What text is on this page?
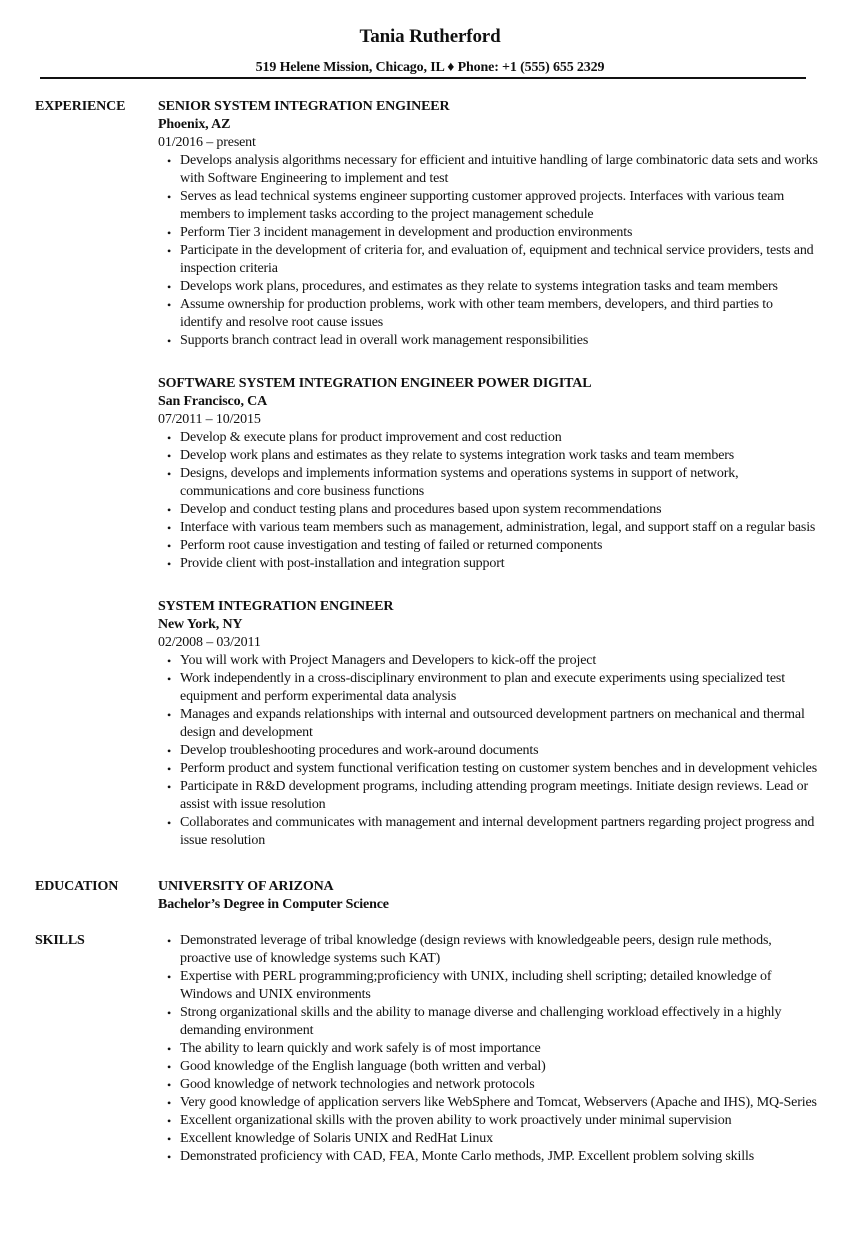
Tania Rutherford
519 Helene Mission, Chicago, IL ♦ Phone: +1 (555) 655 2329
EXPERIENCE	SENIOR SYSTEM INTEGRATION ENGINEER
Phoenix, AZ
01/2016 – present
• Develops analysis algorithms necessary for efficient and intuitive handling of large combinatoric data sets and works with Software Engineering to implement and test
• Serves as lead technical systems engineer supporting customer approved projects. Interfaces with various team members to implement tasks according to the project management schedule
• Perform Tier 3 incident management in development and production environments
• Participate in the development of criteria for, and evaluation of, equipment and technical service providers, tests and inspection criteria
• Develops work plans, procedures, and estimates as they relate to systems integration tasks and team members
• Assume ownership for production problems, work with other team members, developers, and third parties to identify and resolve root cause issues
• Supports branch contract lead in overall work management responsibilities
SOFTWARE SYSTEM INTEGRATION ENGINEER POWER DIGITAL
San Francisco, CA
07/2011 – 10/2015
• Develop & execute plans for product improvement and cost reduction
• Develop work plans and estimates as they relate to systems integration work tasks and team members
• Designs, develops and implements information systems and operations systems in support of network, communications and core business functions
• Develop and conduct testing plans and procedures based upon system recommendations
• Interface with various team members such as management, administration, legal, and support staff on a regular basis
• Perform root cause investigation and testing of failed or returned components
• Provide client with post-installation and integration support
SYSTEM INTEGRATION ENGINEER
New York, NY
02/2008 – 03/2011
• You will work with Project Managers and Developers to kick-off the project
• Work independently in a cross-disciplinary environment to plan and execute experiments using specialized test equipment and perform experimental data analysis
• Manages and expands relationships with internal and outsourced development partners on mechanical and thermal design and development
• Develop troubleshooting procedures and work-around documents
• Perform product and system functional verification testing on customer system benches and in development vehicles
• Participate in R&D development programs, including attending program meetings. Initiate design reviews. Lead or assist with issue resolution
• Collaborates and communicates with management and internal development partners regarding project progress and issue resolution
EDUCATION	UNIVERSITY OF ARIZONA
Bachelor’s Degree in Computer Science
SKILLS	• Demonstrated leverage of tribal knowledge (design reviews with knowledgeable peers, design rule methods, proactive use of knowledge systems such KAT)
• Expertise with PERL programming;proficiency with UNIX, including shell scripting; detailed knowledge of Windows and UNIX environments
• Strong organizational skills and the ability to manage diverse and challenging workload effectively in a highly demanding environment
• The ability to learn quickly and work safely is of most importance
• Good knowledge of the English language (both written and verbal)
• Good knowledge of network technologies and network protocols
• Very good knowledge of application servers like WebSphere and Tomcat, Webservers (Apache and IHS), MQ-Series
• Excellent organizational skills with the proven ability to work proactively under minimal supervision
• Excellent knowledge of Solaris UNIX and RedHat Linux
• Demonstrated proficiency with CAD, FEA, Monte Carlo methods, JMP. Excellent problem solving skills
